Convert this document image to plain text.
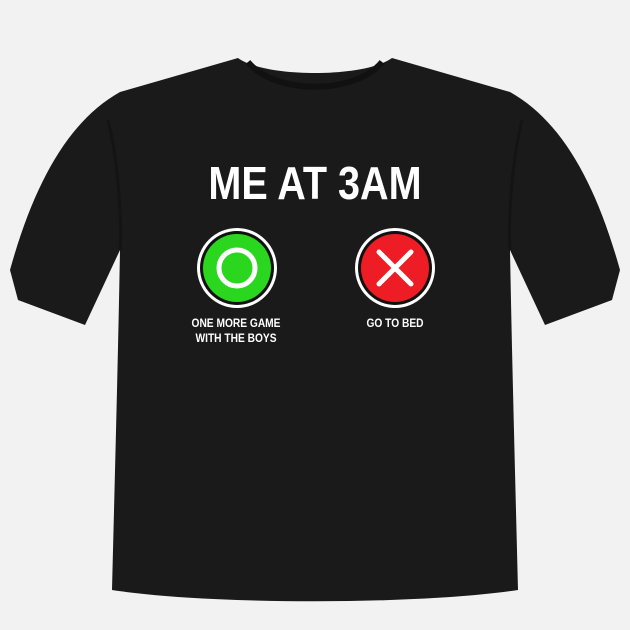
ME AT 3AM
ONE MORE GAME
WITH THE BOYS
GO TO BED
